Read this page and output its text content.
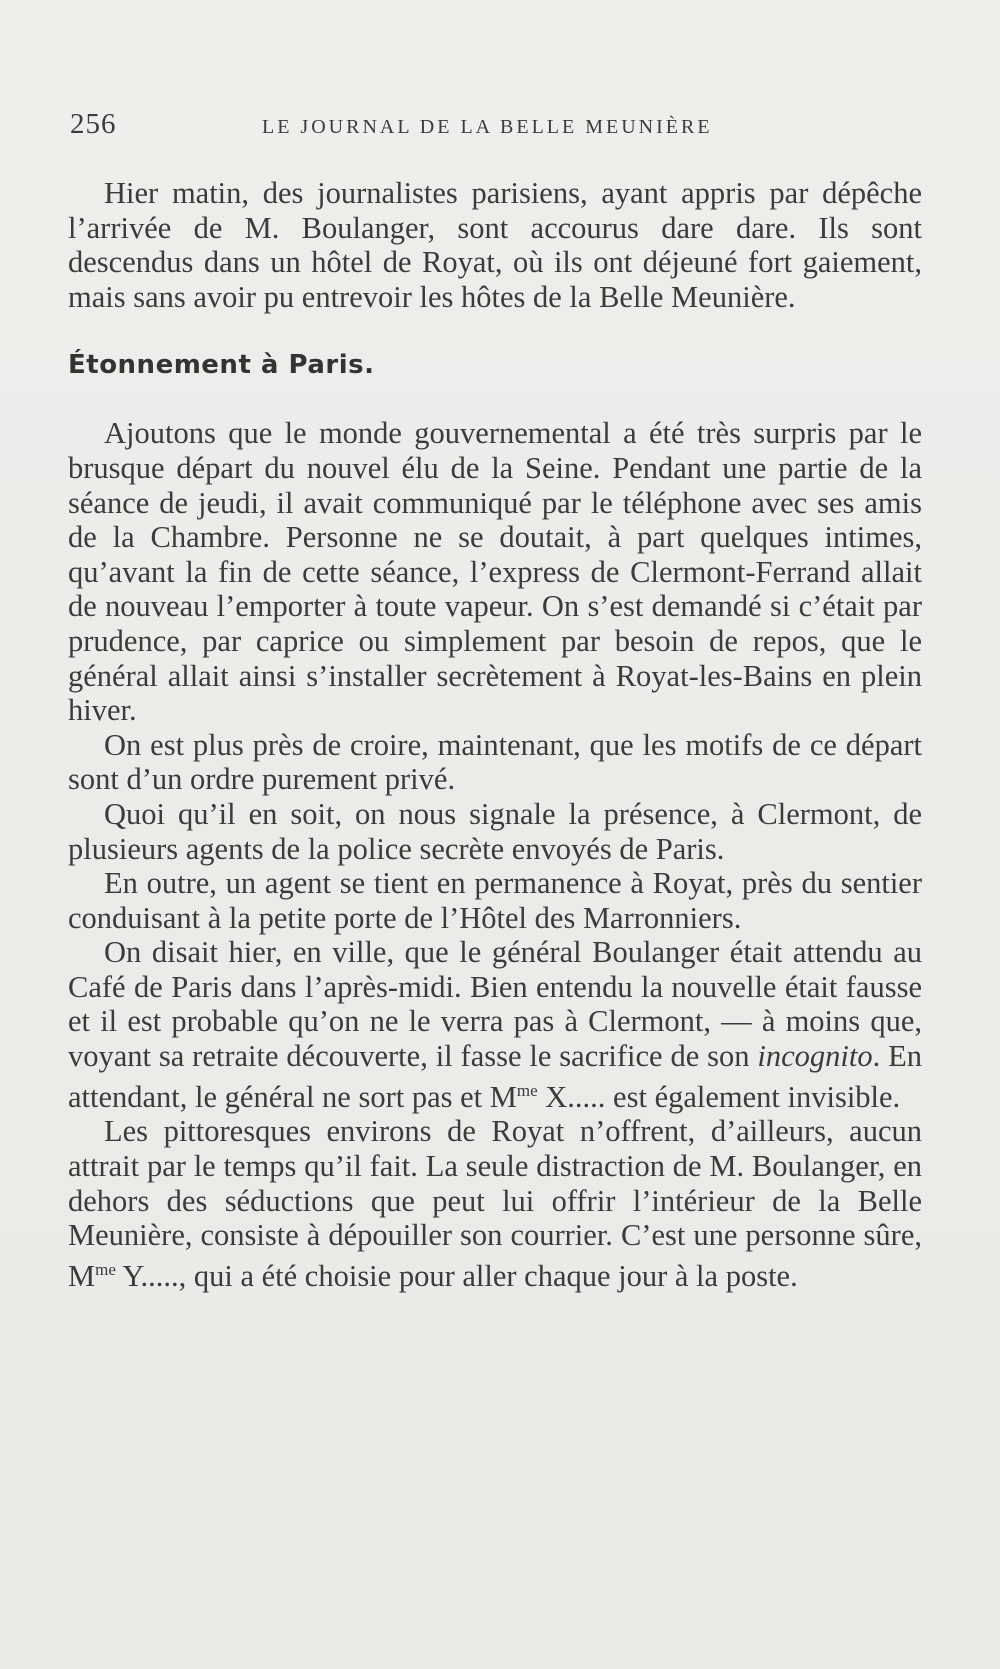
256	LE JOURNAL DE LA BELLE MEUNIÈRE

Hier matin, des journalistes parisiens, ayant appris par dépêche l’arrivée de M. Boulanger, sont accourus dare dare. Ils sont descendus dans un hôtel de Royat, où ils ont déjeuné fort gaiement, mais sans avoir pu entrevoir les hôtes de la Belle Meunière.

Étonnement à Paris.

Ajoutons que le monde gouvernemental a été très surpris par le brusque départ du nouvel élu de la Seine. Pendant une partie de la séance de jeudi, il avait communiqué par le téléphone avec ses amis de la Chambre. Personne ne se doutait, à part quelques intimes, qu’avant la fin de cette séance, l’express de Clermont-Ferrand allait de nouveau l’emporter à toute vapeur. On s’est demandé si c’était par prudence, par caprice ou simplement par besoin de repos, que le général allait ainsi s’installer secrètement à Royat-les-Bains en plein hiver.

On est plus près de croire, maintenant, que les motifs de ce départ sont d’un ordre purement privé.

Quoi qu’il en soit, on nous signale la présence, à Clermont, de plusieurs agents de la police secrète envoyés de Paris.

En outre, un agent se tient en permanence à Royat, près du sentier conduisant à la petite porte de l’Hôtel des Marronniers.

On disait hier, en ville, que le général Boulanger était attendu au Café de Paris dans l’après-midi. Bien entendu la nouvelle était fausse et il est probable qu’on ne le verra pas à Clermont, — à moins que, voyant sa retraite découverte, il fasse le sacrifice de son incognito. En attendant, le général ne sort pas et $M^{me}$ X..... est également invisible.

Les pittoresques environs de Royat n’offrent, d’ailleurs, aucun attrait par le temps qu’il fait. La seule distraction de M. Boulanger, en dehors des séductions que peut lui offrir l’intérieur de la Belle Meunière, consiste à dépouiller son courrier. C’est une personne sûre, $M^{me}$ Y....., qui a été choisie pour aller chaque jour à la poste.
